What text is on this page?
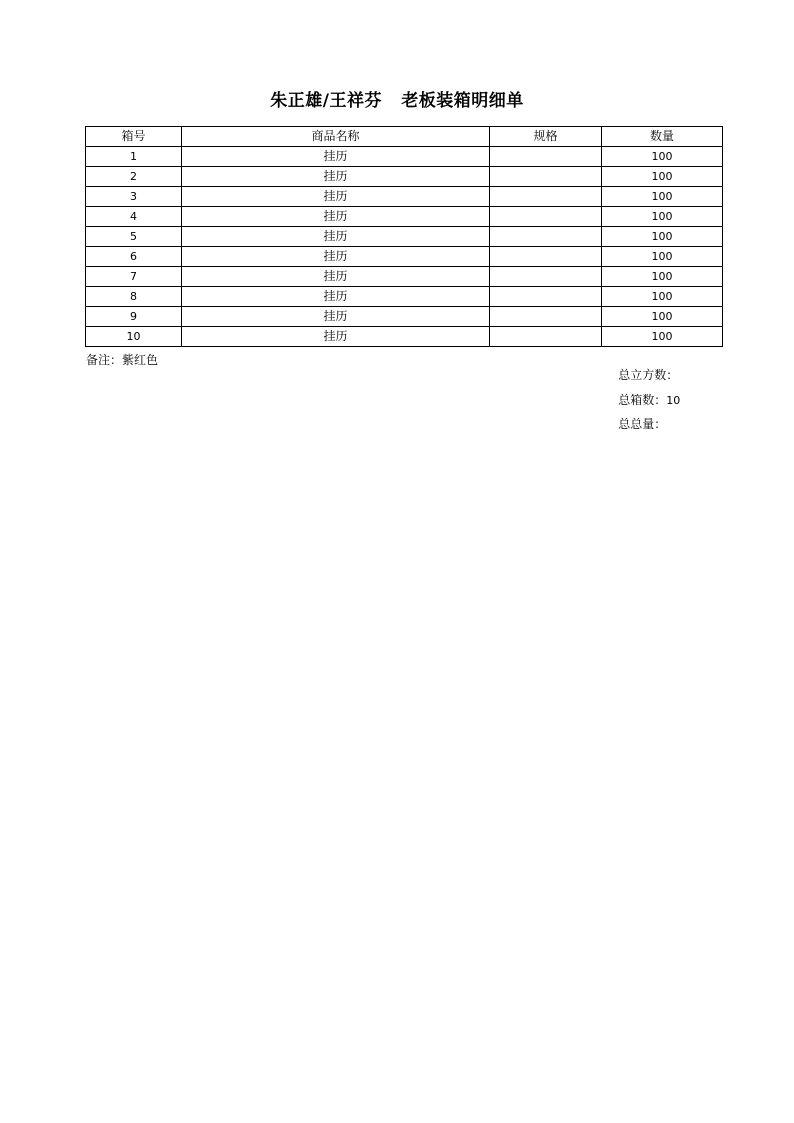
朱正雄/王祥芬   老板装箱明细单
箱号	商品名称	规格	数量
1	挂历		100
2	挂历		100
3	挂历		100
4	挂历		100
5	挂历		100
6	挂历		100
7	挂历		100
8	挂历		100
9	挂历		100
10	挂历		100
备注：紫红色

总立方数：

总箱数：10

总总量：
